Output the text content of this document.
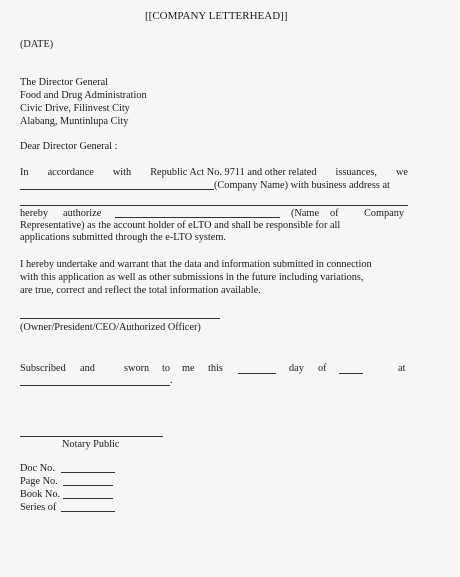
[[COMPANY LETTERHEAD]]
(DATE)
The Director General
Food and Drug Administration
Civic Drive, Filinvest City
Alabang, Muntinlupa City
Dear Director General :
In accordance with Republic Act No. 9711 and other related issuances, we
(Company Name) with business address at
hereby authorize	(Name of Company
Representative) as the account holder of eLTO and shall be responsible for all
applications submitted through the e-LTO system.
I hereby undertake and warrant that the data and information submitted in connection
with this application as well as other submissions in the future including variations,
are true, correct and reflect the total information available.
(Owner/President/CEO/Authorized Officer)
Subscribed and	sworn to me this	day of	at
.
Notary Public
Doc No.
Page No.
Book No.
Series of
